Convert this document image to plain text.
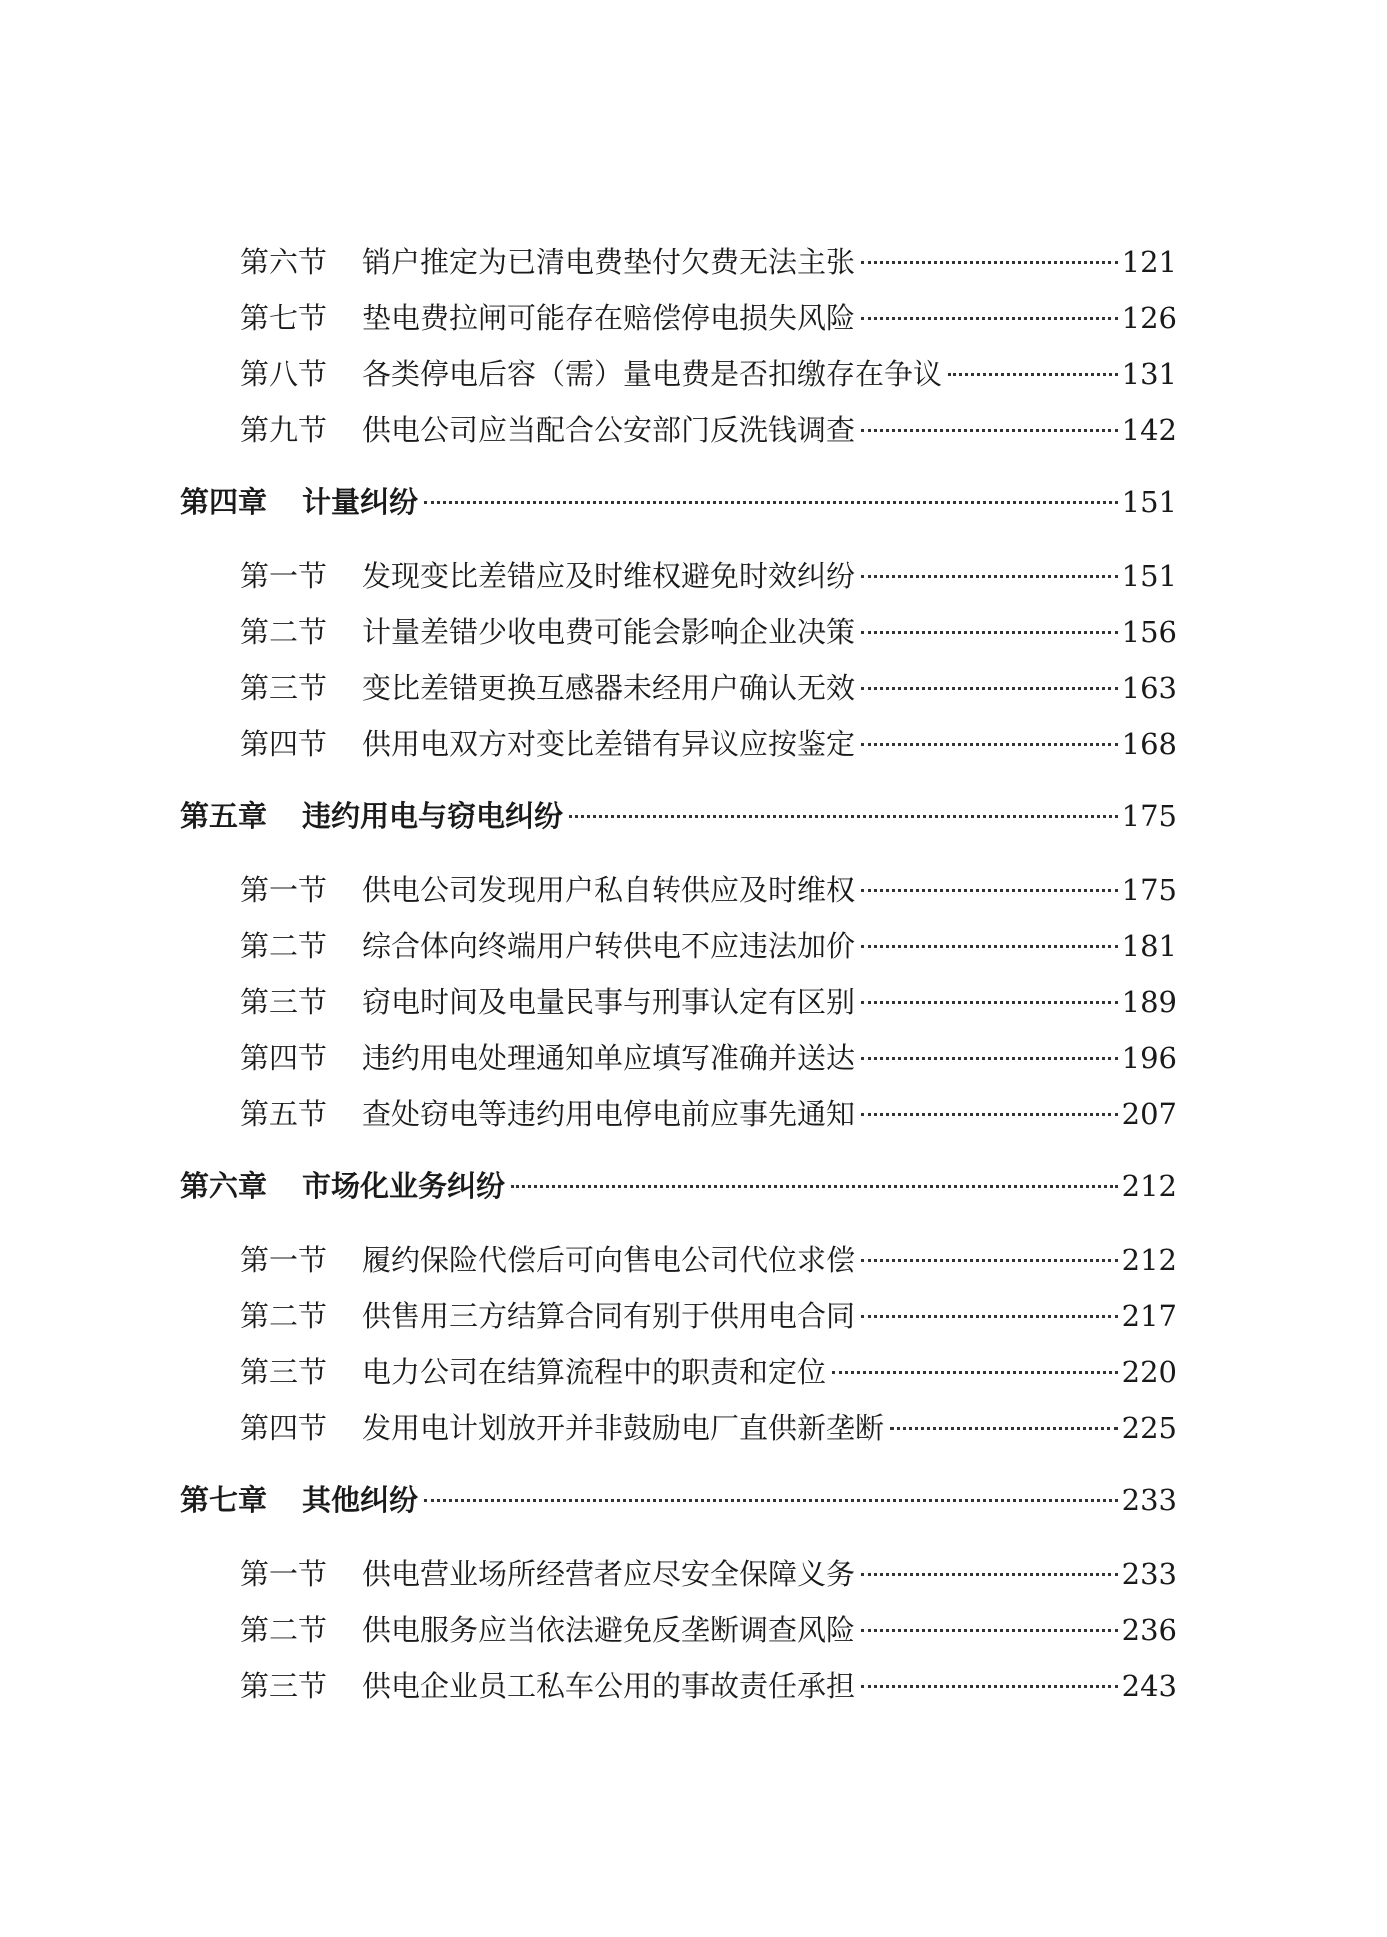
第六节	销户推定为已清电费垫付欠费无法主张	121
第七节	垫电费拉闸可能存在赔偿停电损失风险	126
第八节	各类停电后容（需）量电费是否扣缴存在争议	131
第九节	供电公司应当配合公安部门反洗钱调查	142
第四章	计量纠纷	151
第一节	发现变比差错应及时维权避免时效纠纷	151
第二节	计量差错少收电费可能会影响企业决策	156
第三节	变比差错更换互感器未经用户确认无效	163
第四节	供用电双方对变比差错有异议应按鉴定	168
第五章	违约用电与窃电纠纷	175
第一节	供电公司发现用户私自转供应及时维权	175
第二节	综合体向终端用户转供电不应违法加价	181
第三节	窃电时间及电量民事与刑事认定有区别	189
第四节	违约用电处理通知单应填写准确并送达	196
第五节	查处窃电等违约用电停电前应事先通知	207
第六章	市场化业务纠纷	212
第一节	履约保险代偿后可向售电公司代位求偿	212
第二节	供售用三方结算合同有别于供用电合同	217
第三节	电力公司在结算流程中的职责和定位	220
第四节	发用电计划放开并非鼓励电厂直供新垄断	225
第七章	其他纠纷	233
第一节	供电营业场所经营者应尽安全保障义务	233
第二节	供电服务应当依法避免反垄断调查风险	236
第三节	供电企业员工私车公用的事故责任承担	243
